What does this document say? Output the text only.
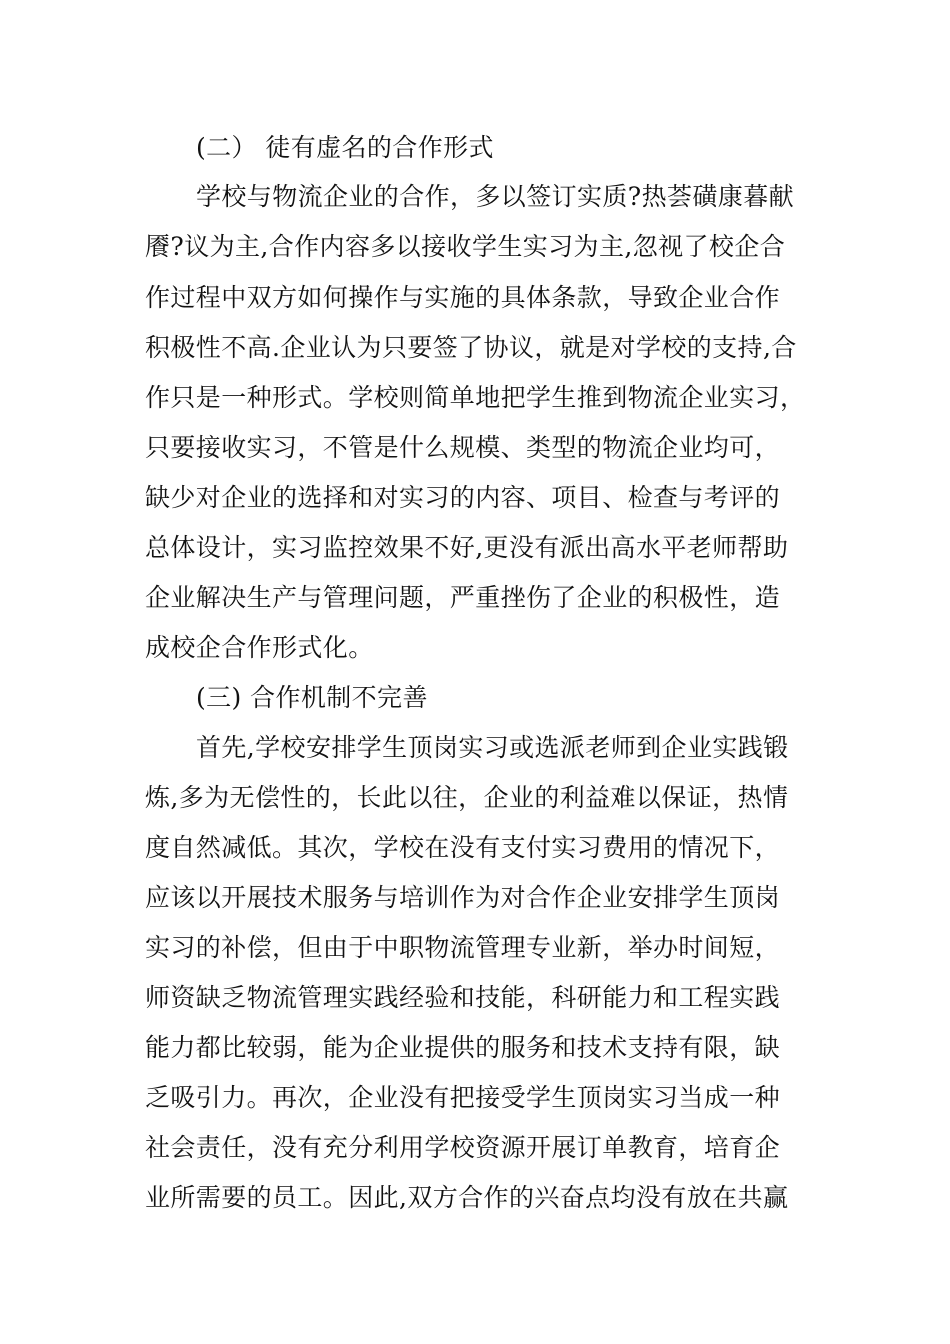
(二） 徒有虚名的合作形式
学校与物流企业的合作，多以签订实质?热荟磺康暮献
餍?议为主,合作内容多以接收学生实习为主,忽视了校企合
作过程中双方如何操作与实施的具体条款，导致企业合作
积极性不高.企业认为只要签了协议，就是对学校的支持,合
作只是一种形式。学校则简单地把学生推到物流企业实习，
只要接收实习，不管是什么规模、类型的物流企业均可，
缺少对企业的选择和对实习的内容、项目、检查与考评的
总体设计，实习监控效果不好,更没有派出高水平老师帮助
企业解决生产与管理问题，严重挫伤了企业的积极性，造
成校企合作形式化。
(三) 合作机制不完善
首先,学校安排学生顶岗实习或选派老师到企业实践锻
炼,多为无偿性的，长此以往，企业的利益难以保证，热情
度自然减低。其次，学校在没有支付实习费用的情况下，
应该以开展技术服务与培训作为对合作企业安排学生顶岗
实习的补偿，但由于中职物流管理专业新，举办时间短，
师资缺乏物流管理实践经验和技能，科研能力和工程实践
能力都比较弱，能为企业提供的服务和技术支持有限，缺
乏吸引力。再次，企业没有把接受学生顶岗实习当成一种
社会责任，没有充分利用学校资源开展订单教育，培育企
业所需要的员工。因此,双方合作的兴奋点均没有放在共赢
